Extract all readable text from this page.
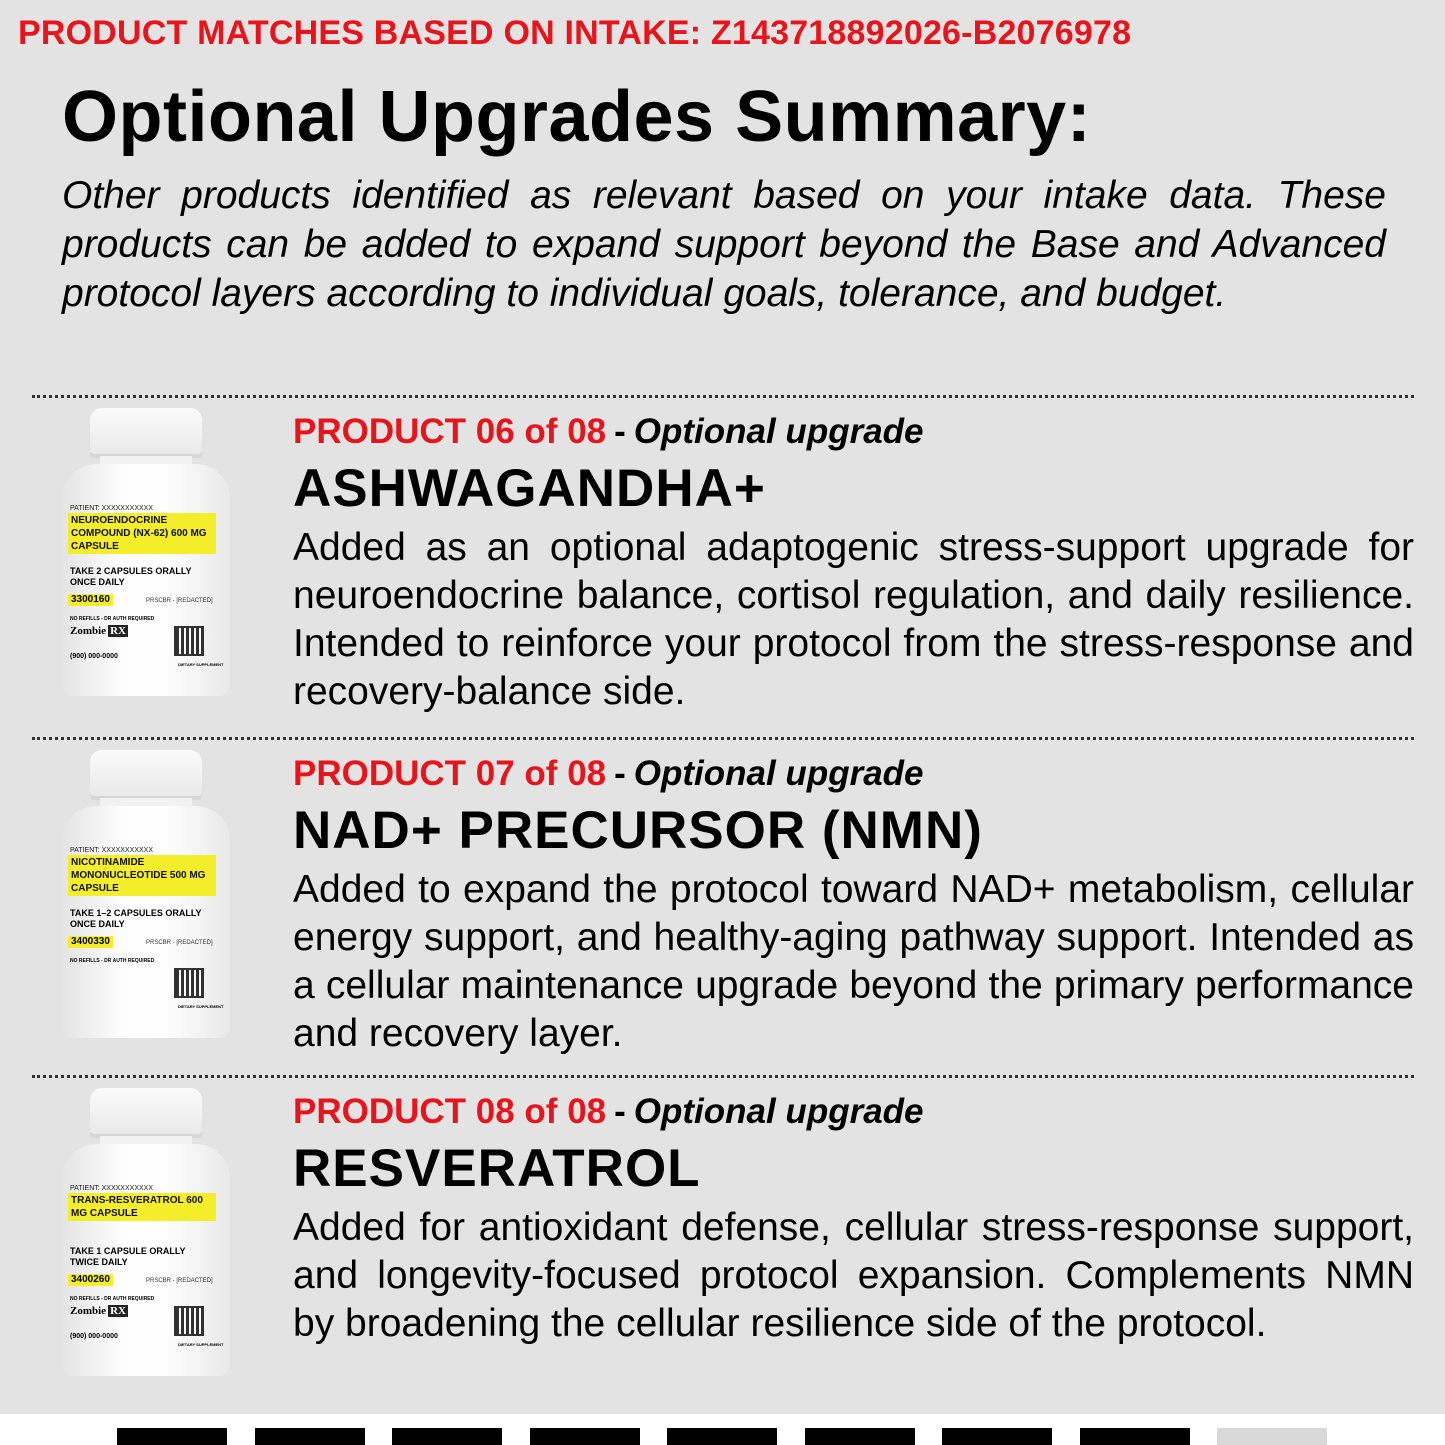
PRODUCT MATCHES BASED ON INTAKE: Z143718892026-B2076978
Optional Upgrades Summary:
Other products identified as relevant based on your intake data. These products can be added to expand support beyond the Base and Advanced protocol layers according to individual goals, tolerance, and budget.
PATIENT: XXXXXXXXXXX
NEUROENDOCRINE COMPOUND (NX-62) 600 MG CAPSULE
TAKE 2 CAPSULES ORALLY ONCE DAILY
3300160	PRSCBR - [REDACTED]
NO REFILLS - DR AUTH REQUIRED
Zombie RX
(900) 000-0000
DIETARY SUPPLEMENT
PRODUCT 06 of 08 - Optional upgrade
ASHWAGANDHA+
Added as an optional adaptogenic stress-support upgrade for neuroendocrine balance, cortisol regulation, and daily resilience. Intended to reinforce your protocol from the stress-response and recovery-balance side.
PATIENT: XXXXXXXXXXX
NICOTINAMIDE MONONUCLEOTIDE 500 MG CAPSULE
TAKE 1–2 CAPSULES ORALLY ONCE DAILY
3400330	PRSCBR - [REDACTED]
NO REFILLS - DR AUTH REQUIRED
DIETARY SUPPLEMENT
PRODUCT 07 of 08 - Optional upgrade
NAD+ PRECURSOR (NMN)
Added to expand the protocol toward NAD+ metabolism, cellular energy support, and healthy-aging pathway support. Intended as a cellular maintenance upgrade beyond the primary performance and recovery layer.
PATIENT: XXXXXXXXXXX
TRANS-RESVERATROL 600 MG CAPSULE
TAKE 1 CAPSULE ORALLY TWICE DAILY
3400260	PRSCBR - [REDACTED]
NO REFILLS - DR AUTH REQUIRED
Zombie RX
(900) 000-0000
DIETARY SUPPLEMENT
PRODUCT 08 of 08 - Optional upgrade
RESVERATROL
Added for antioxidant defense, cellular stress-response support, and longevity-focused protocol expansion. Complements NMN by broadening the cellular resilience side of the protocol.
